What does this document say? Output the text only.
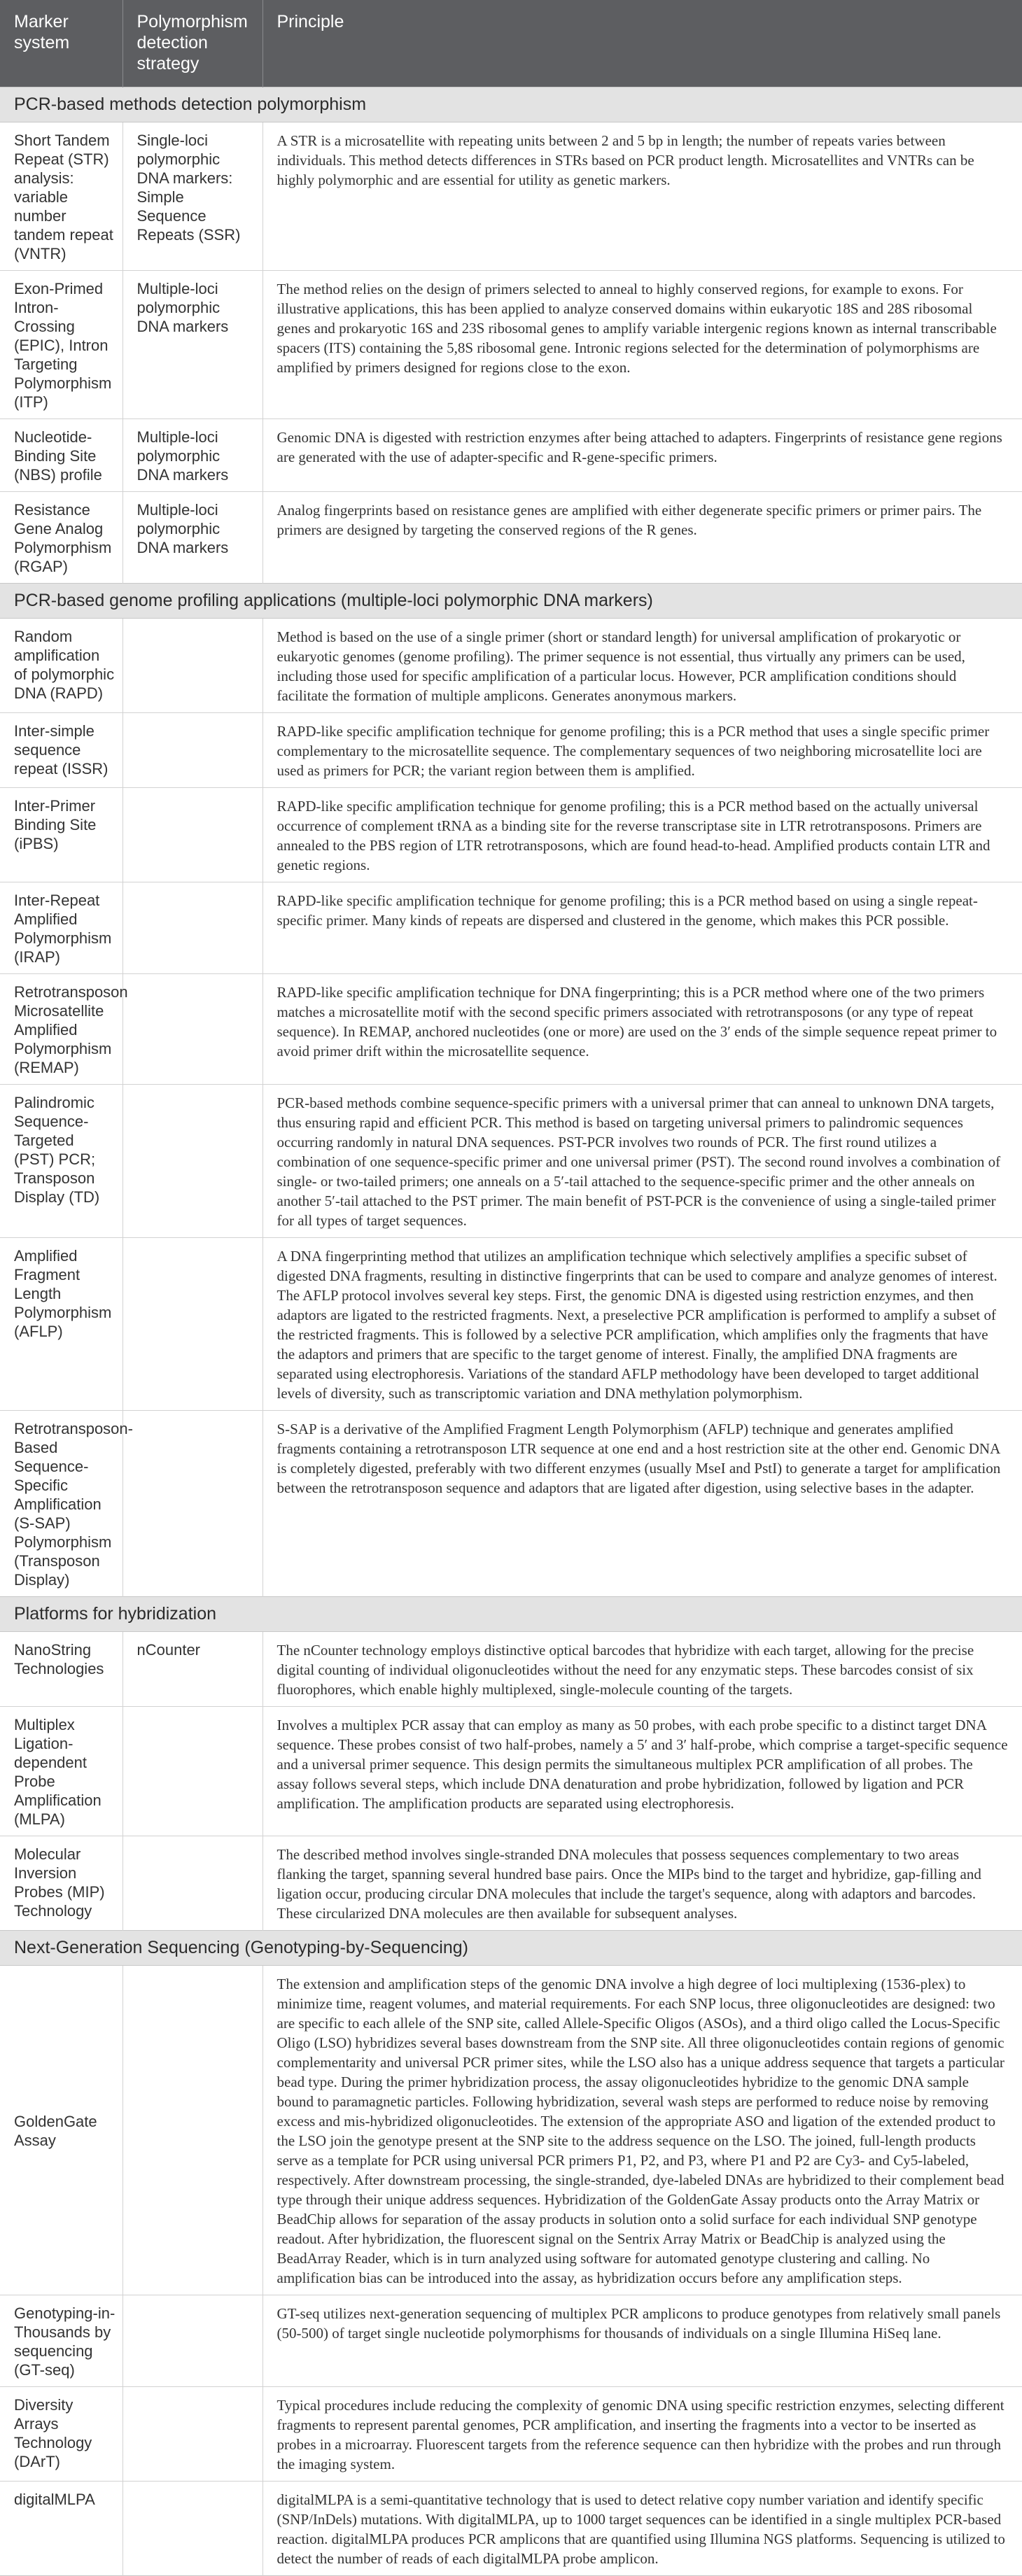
Marker system	Polymorphism detection strategy	Principle
PCR-based methods detection polymorphism		
Short Tandem Repeat (STR) analysis: variable number tandem repeat (VNTR)	Single-loci polymorphic DNA markers: Simple Sequence Repeats (SSR)	A STR is a microsatellite with repeating units between 2 and 5 bp in length; the number of repeats varies between individuals. This method detects differences in STRs based on PCR product length. Microsatellites and VNTRs can be highly polymorphic and are essential for utility as genetic markers.
Exon-Primed Intron-Crossing (EPIC), Intron Targeting Polymorphism (ITP)	Multiple-loci polymorphic DNA markers	The method relies on the design of primers selected to anneal to highly conserved regions, for example to exons. For illustrative applications, this has been applied to analyze conserved domains within eukaryotic 18S and 28S ribosomal genes and prokaryotic 16S and 23S ribosomal genes to amplify variable intergenic regions known as internal transcribable spacers (ITS) containing the 5,8S ribosomal gene. Intronic regions selected for the determination of polymorphisms are amplified by primers designed for regions close to the exon.
Nucleotide-Binding Site (NBS) profile	Multiple-loci polymorphic DNA markers	Genomic DNA is digested with restriction enzymes after being attached to adapters. Fingerprints of resistance gene regions are generated with the use of adapter-specific and R-gene-specific primers.
Resistance Gene Analog Polymorphism (RGAP)	Multiple-loci polymorphic DNA markers	Analog fingerprints based on resistance genes are amplified with either degenerate specific primers or primer pairs. The primers are designed by targeting the conserved regions of the R genes.
PCR-based genome profiling applications (multiple-loci polymorphic DNA markers)		
Random amplification of polymorphic DNA (RAPD)		Method is based on the use of a single primer (short or standard length) for universal amplification of prokaryotic or eukaryotic genomes (genome profiling). The primer sequence is not essential, thus virtually any primers can be used, including those used for specific amplification of a particular locus. However, PCR amplification conditions should facilitate the formation of multiple amplicons. Generates anonymous markers.
Inter-simple sequence repeat (ISSR)		RAPD-like specific amplification technique for genome profiling; this is a PCR method that uses a single specific primer complementary to the microsatellite sequence. The complementary sequences of two neighboring microsatellite loci are used as primers for PCR; the variant region between them is amplified.
Inter-Primer Binding Site (iPBS)		RAPD-like specific amplification technique for genome profiling; this is a PCR method based on the actually universal occurrence of complement tRNA as a binding site for the reverse transcriptase site in LTR retrotransposons. Primers are annealed to the PBS region of LTR retrotransposons, which are found head-to-head. Amplified products contain LTR and genetic regions.
Inter-Repeat Amplified Polymorphism (IRAP)		RAPD-like specific amplification technique for genome profiling; this is a PCR method based on using a single repeat-specific primer. Many kinds of repeats are dispersed and clustered in the genome, which makes this PCR possible.
Retrotransposon Microsatellite Amplified Polymorphism (REMAP)		RAPD-like specific amplification technique for DNA fingerprinting; this is a PCR method where one of the two primers matches a microsatellite motif with the second specific primers associated with retrotransposons (or any type of repeat sequence). In REMAP, anchored nucleotides (one or more) are used on the 3′ ends of the simple sequence repeat primer to avoid primer drift within the microsatellite sequence.
Palindromic Sequence-Targeted (PST) PCR; Transposon Display (TD)		PCR-based methods combine sequence-specific primers with a universal primer that can anneal to unknown DNA targets, thus ensuring rapid and efficient PCR. This method is based on targeting universal primers to palindromic sequences occurring randomly in natural DNA sequences. PST-PCR involves two rounds of PCR. The first round utilizes a combination of one sequence-specific primer and one universal primer (PST). The second round involves a combination of single- or two-tailed primers; one anneals on a 5′-tail attached to the sequence-specific primer and the other anneals on another 5′-tail attached to the PST primer. The main benefit of PST-PCR is the convenience of using a single-tailed primer for all types of target sequences.
Amplified Fragment Length Polymorphism (AFLP)		A DNA fingerprinting method that utilizes an amplification technique which selectively amplifies a specific subset of digested DNA fragments, resulting in distinctive fingerprints that can be used to compare and analyze genomes of interest. The AFLP protocol involves several key steps. First, the genomic DNA is digested using restriction enzymes, and then adaptors are ligated to the restricted fragments. Next, a preselective PCR amplification is performed to amplify a subset of the restricted fragments. This is followed by a selective PCR amplification, which amplifies only the fragments that have the adaptors and primers that are specific to the target genome of interest. Finally, the amplified DNA fragments are separated using electrophoresis. Variations of the standard AFLP methodology have been developed to target additional levels of diversity, such as transcriptomic variation and DNA methylation polymorphism.
Retrotransposon-Based Sequence-Specific Amplification (S-SAP) Polymorphism (Transposon Display)		S-SAP is a derivative of the Amplified Fragment Length Polymorphism (AFLP) technique and generates amplified fragments containing a retrotransposon LTR sequence at one end and a host restriction site at the other end. Genomic DNA is completely digested, preferably with two different enzymes (usually MseI and PstI) to generate a target for amplification between the retrotransposon sequence and adaptors that are ligated after digestion, using selective bases in the adapter.
Platforms for hybridization		
NanoString Technologies	nCounter	The nCounter technology employs distinctive optical barcodes that hybridize with each target, allowing for the precise digital counting of individual oligonucleotides without the need for any enzymatic steps. These barcodes consist of six fluorophores, which enable highly multiplexed, single-molecule counting of the targets.
Multiplex Ligation-dependent Probe Amplification (MLPA)		Involves a multiplex PCR assay that can employ as many as 50 probes, with each probe specific to a distinct target DNA sequence. These probes consist of two half-probes, namely a 5′ and 3′ half-probe, which comprise a target-specific sequence and a universal primer sequence. This design permits the simultaneous multiplex PCR amplification of all probes. The assay follows several steps, which include DNA denaturation and probe hybridization, followed by ligation and PCR amplification. The amplification products are separated using electrophoresis.
Molecular Inversion Probes (MIP) Technology		The described method involves single-stranded DNA molecules that possess sequences complementary to two areas flanking the target, spanning several hundred base pairs. Once the MIPs bind to the target and hybridize, gap-filling and ligation occur, producing circular DNA molecules that include the target's sequence, along with adaptors and barcodes. These circularized DNA molecules are then available for subsequent analyses.
Next-Generation Sequencing (Genotyping-by-Sequencing)		
GoldenGate Assay		The extension and amplification steps of the genomic DNA involve a high degree of loci multiplexing (1536-plex) to minimize time, reagent volumes, and material requirements. For each SNP locus, three oligonucleotides are designed: two are specific to each allele of the SNP site, called Allele-Specific Oligos (ASOs), and a third oligo called the Locus-Specific Oligo (LSO) hybridizes several bases downstream from the SNP site. All three oligonucleotides contain regions of genomic complementarity and universal PCR primer sites, while the LSO also has a unique address sequence that targets a particular bead type. During the primer hybridization process, the assay oligonucleotides hybridize to the genomic DNA sample bound to paramagnetic particles. Following hybridization, several wash steps are performed to reduce noise by removing excess and mis-hybridized oligonucleotides. The extension of the appropriate ASO and ligation of the extended product to the LSO join the genotype present at the SNP site to the address sequence on the LSO. The joined, full-length products serve as a template for PCR using universal PCR primers P1, P2, and P3, where P1 and P2 are Cy3- and Cy5-labeled, respectively. After downstream processing, the single-stranded, dye-labeled DNAs are hybridized to their complement bead type through their unique address sequences. Hybridization of the GoldenGate Assay products onto the Array Matrix or BeadChip allows for separation of the assay products in solution onto a solid surface for each individual SNP genotype readout. After hybridization, the fluorescent signal on the Sentrix Array Matrix or BeadChip is analyzed using the BeadArray Reader, which is in turn analyzed using software for automated genotype clustering and calling. No amplification bias can be introduced into the assay, as hybridization occurs before any amplification steps.
Genotyping-in-Thousands by sequencing (GT-seq)		GT-seq utilizes next-generation sequencing of multiplex PCR amplicons to produce genotypes from relatively small panels (50-500) of target single nucleotide polymorphisms for thousands of individuals on a single Illumina HiSeq lane.
Diversity Arrays Technology (DArT)		Typical procedures include reducing the complexity of genomic DNA using specific restriction enzymes, selecting different fragments to represent parental genomes, PCR amplification, and inserting the fragments into a vector to be inserted as probes in a microarray. Fluorescent targets from the reference sequence can then hybridize with the probes and run through the imaging system.
digitalMLPA		digitalMLPA is a semi-quantitative technology that is used to detect relative copy number variation and identify specific (SNP/InDels) mutations. With digitalMLPA, up to 1000 target sequences can be identified in a single multiplex PCR-based reaction. digitalMLPA produces PCR amplicons that are quantified using Illumina NGS platforms. Sequencing is utilized to detect the number of reads of each digitalMLPA probe amplicon.
